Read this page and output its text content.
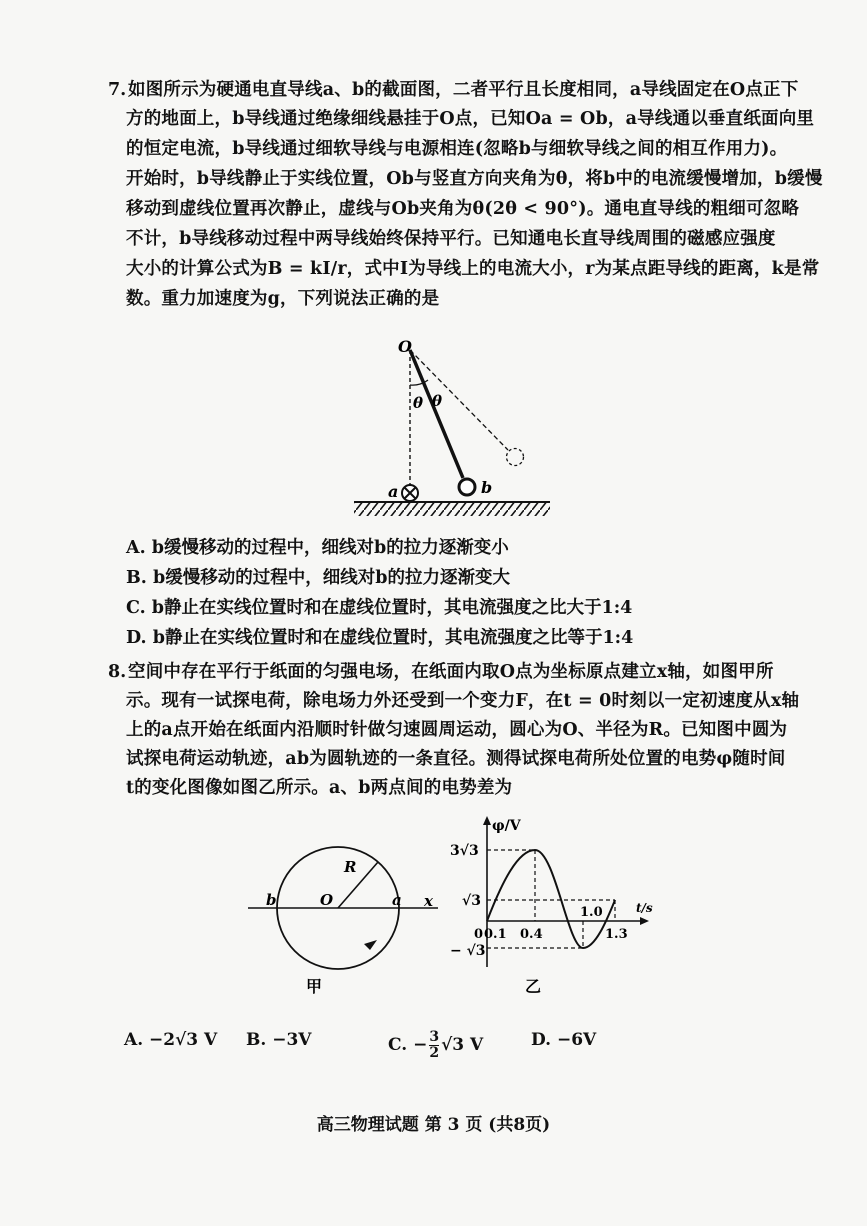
7. 如图所示为硬通电直导线a、b的截面图，二者平行且长度相同，a导线固定在O点正下
方的地面上，b导线通过绝缘细线悬挂于O点，已知Oa = Ob，a导线通以垂直纸面向里
的恒定电流，b导线通过细软导线与电源相连(忽略b与细软导线之间的相互作用力)。
开始时，b导线静止于实线位置，Ob与竖直方向夹角为θ，将b中的电流缓慢增加，b缓慢
移动到虚线位置再次静止，虚线与Ob夹角为θ(2θ < 90°)。通电直导线的粗细可忽略
不计，b导线移动过程中两导线始终保持平行。已知通电长直导线周围的磁感应强度
大小的计算公式为B = kI/r，式中I为导线上的电流大小，r为某点距导线的距离，k是常
数。重力加速度为g，下列说法正确的是
O
θ θ
a	b
A. b缓慢移动的过程中，细线对b的拉力逐渐变小
B. b缓慢移动的过程中，细线对b的拉力逐渐变大
C. b静止在实线位置时和在虚线位置时，其电流强度之比大于1:4
D. b静止在实线位置时和在虚线位置时，其电流强度之比等于1:4
8. 空间中存在平行于纸面的匀强电场，在纸面内取O点为坐标原点建立x轴，如图甲所
示。现有一试探电荷，除电场力外还受到一个变力F，在t = 0时刻以一定初速度从x轴
上的a点开始在纸面内沿顺时针做匀速圆周运动，圆心为O、半径为R。已知图中圆为
试探电荷运动轨迹，ab为圆轨迹的一条直径。测得试探电荷所处位置的电势φ随时间
t的变化图像如图乙所示。a、b两点间的电势差为
b	O
R
a x
甲
φ/V
t/s
3√3
√3
− √3
0 0.1 0.4
1.0
1.3
乙
A. −2√3 V B. −3V	C. − $\frac{3}{2} √3$ V	D. −6V
高三物理试题 第 3 页 (共8页)
